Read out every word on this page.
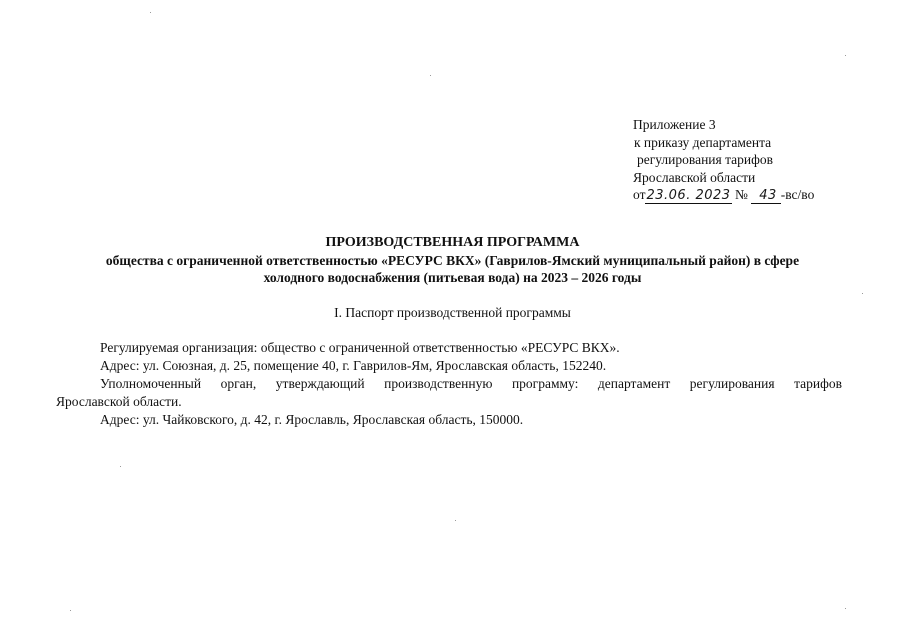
Приложение 3
к приказу департамента
регулирования тарифов
Ярославской области
от23.06. 2023 № 43 -вс/во
ПРОИЗВОДСТВЕННАЯ ПРОГРАММА
общества с ограниченной ответственностью «РЕСУРС ВКХ» (Гаврилов-Ямский муниципальный район) в сфере
холодного водоснабжения (питьевая вода) на 2023 – 2026 годы
I. Паспорт производственной программы

Регулируемая организация: общество с ограниченной ответственностью «РЕСУРС ВКХ».

Адрес: ул. Союзная, д. 25, помещение 40, г. Гаврилов-Ям, Ярославская область, 152240.

Уполномоченный орган, утверждающий производственную программу: департамент регулирования тарифов

Ярославской области.

Адрес: ул. Чайковского, д. 42, г. Ярославль, Ярославская область, 150000.
